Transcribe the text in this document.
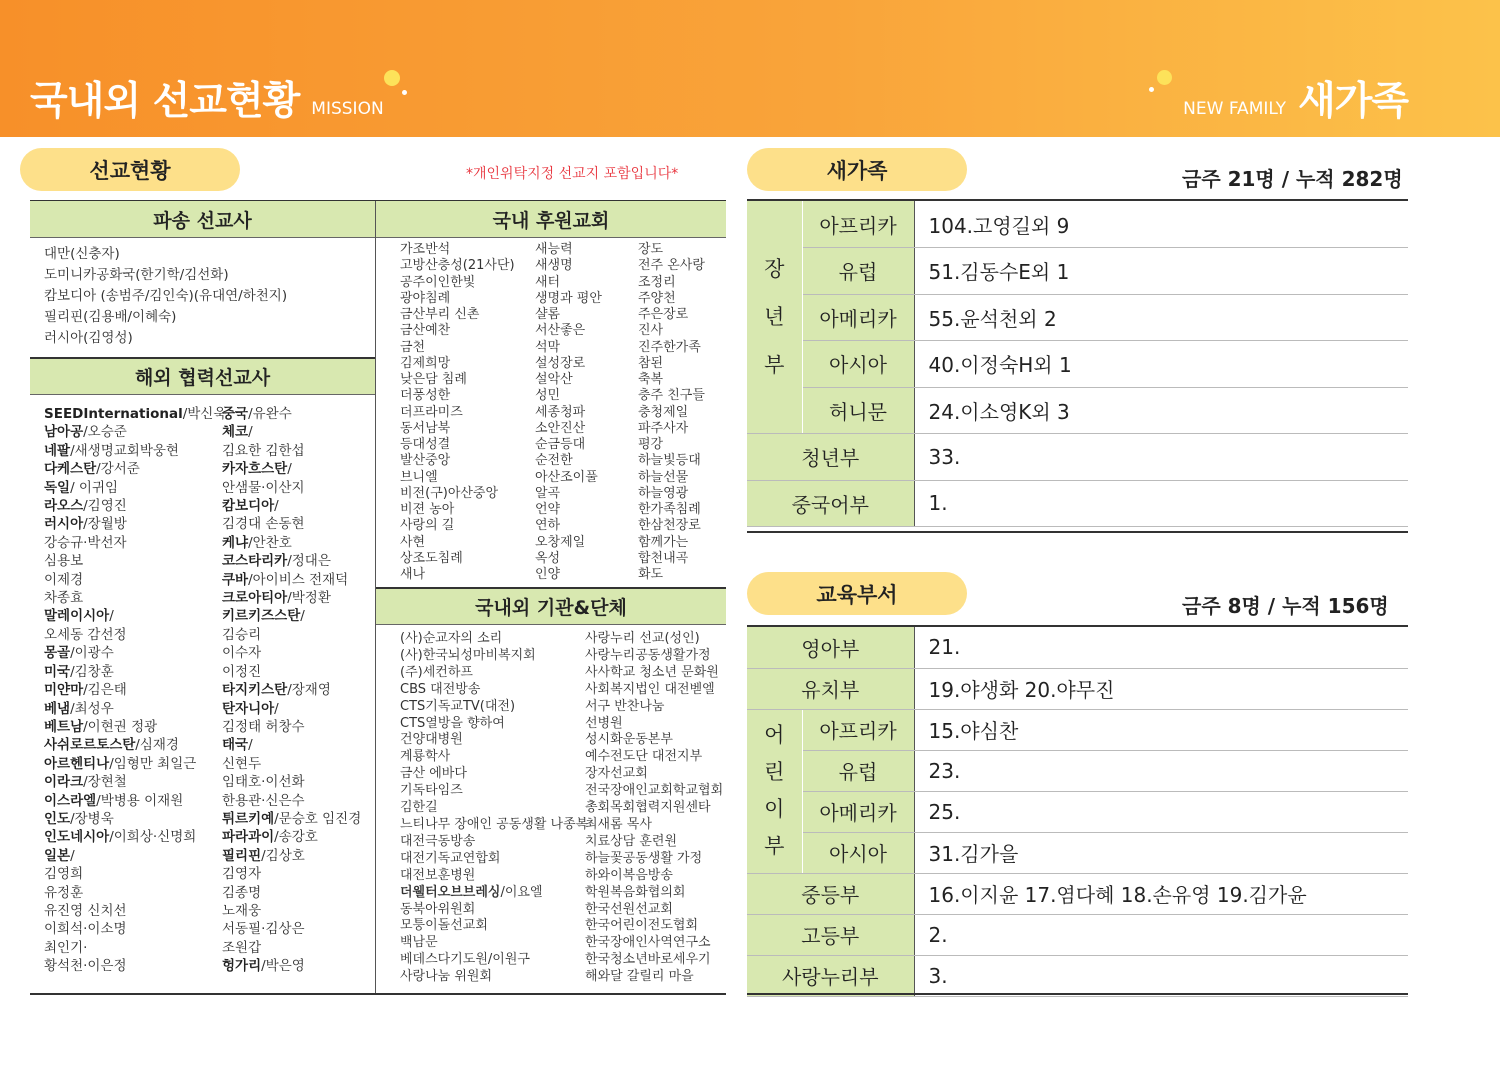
국내외 선교현황 MISSION	NEW FAMILY 새가족
선교현황	*개인위탁지정 선교지 포함입니다*
파송 선교사	국내 후원교회
대만(신충자)
도미니카공화국(한기학/김선화)
캄보디아 (송범주/김인숙)(유대연/하천지)
필리핀(김용배/이혜숙)
러시아(김영성)
해외 협력선교사
SEEDInternational/박신욱
남아공/오승준
네팔/새생명교회박웅현
다케스탄/강서준
독일/ 이귀임
라오스/김영진
러시아/장월방
강승규·박선자
심용보
이제경
차종효
말레이시아/
오세동 감선정
몽골/이광수
미국/김창훈
미얀마/김은태
베냄/최성우
베트남/이현권 정광
사쉬로르토스탄/심재경
아르헨티나/임형만 최일근
이라크/장현철
이스라엘/박병용 이재원
인도/장병욱
인도네시아/이희상·신명희
일본/
김영희
유정훈
유진영 신치선
이희석·이소명
최인기·
황석천·이은정
중국/유완수
체코/
김요한 김한섭
카자흐스탄/
안샘물·이산지
캄보디아/
김경대 손동현
케냐/안찬호
코스타리카/정대은
쿠바/아이비스 전재덕
크로아티아/박정환
키르키즈스탄/
김승리
이수자
이정진
타지키스탄/장재영
탄자니아/
김정태 허창수
태국/
신현두
임태호·이선화
한용관·신은수
튀르키예/문승호 임진경
파라과이/송강호
필리핀/김상호
김영자
김종명
노재웅
서동필·김상은
조원갑
헝가리/박은영
가조반석
고방산충성(21사단)
공주이인한빛
광야침례
금산부리 신촌
금산예찬
금천
김제희망
낮은담 침례
더풍성한
더프라미즈
동서남북
등대성결
발산중앙
브니엘
비전(구)아산중앙
비젼 농아
사랑의 길
사현
상조도침례
새나
새능력
새생명
새터
생명과 평안
샬롬
서산좋은
석막
설성장로
설악산
성민
세종청파
소안진산
순금등대
순전한
아산조이풀
알곡
언약
연하
오창제일
옥성
인양
장도
전주 온사랑
조정리
주양천
주은장로
진사
진주한가족
참된
축복
충주 친구들
충청제일
파주사자
평강
하늘빛등대
하늘선물
하늘영광
한가족침례
한삼천장로
함께가는
합천내곡
화도
국내외 기관&단체
(사)순교자의 소리
(사)한국뇌성마비복지회
(주)세컨하프
CBS 대전방송
CTS기독교TV(대전)
CTS열방을 향하여
건양대병원
계룡학사
금산 에바다
기독타임즈
김한길
느티나무 장애인 공동생활 나종복
대전극동방송
대전기독교연합회
대전보훈병원
더웰터오브브레싱/이요엘
동북아위원회
모퉁이돌선교회
백남문
베데스다기도원/이원구
사랑나눔 위원회
사랑누리 선교(성인)
사랑누리공동생활가정
사사학교 청소년 문화원
사회복지법인 대전벧엘
서구 반찬나눔
선병원
성시화운동본부
예수전도단 대전지부
장자선교회
전국장애인교회학교협회
총회목회협력지원센타
최새롬 목사
치료상담 훈련원
하늘꽃공동생활 가정
하와이복음방송
학원복음화협의회
한국선원선교회
한국어린이전도협회
한국장애인사역연구소
한국청소년바로세우기
해와달 갈릴리 마을
새가족	금주 21명 / 누적 282명
장
년
부	아프리카	104.고영길외 9
	유럽	51.김동수E외 1
	아메리카	55.윤석천외 2
	아시아	40.이정숙H외 1
	허니문	24.이소영K외 3
청년부		33.
중국어부		1.
교육부서	금주 8명 / 누적 156명
영아부		21.
유치부		19.야생화 20.야무진
어
린
이
부	아프리카	15.야심찬
	유럽	23.
	아메리카	25.
	아시아	31.김가을
중등부		16.이지윤 17.염다혜 18.손유영 19.김가윤
고등부		2.
사랑누리부		3.
